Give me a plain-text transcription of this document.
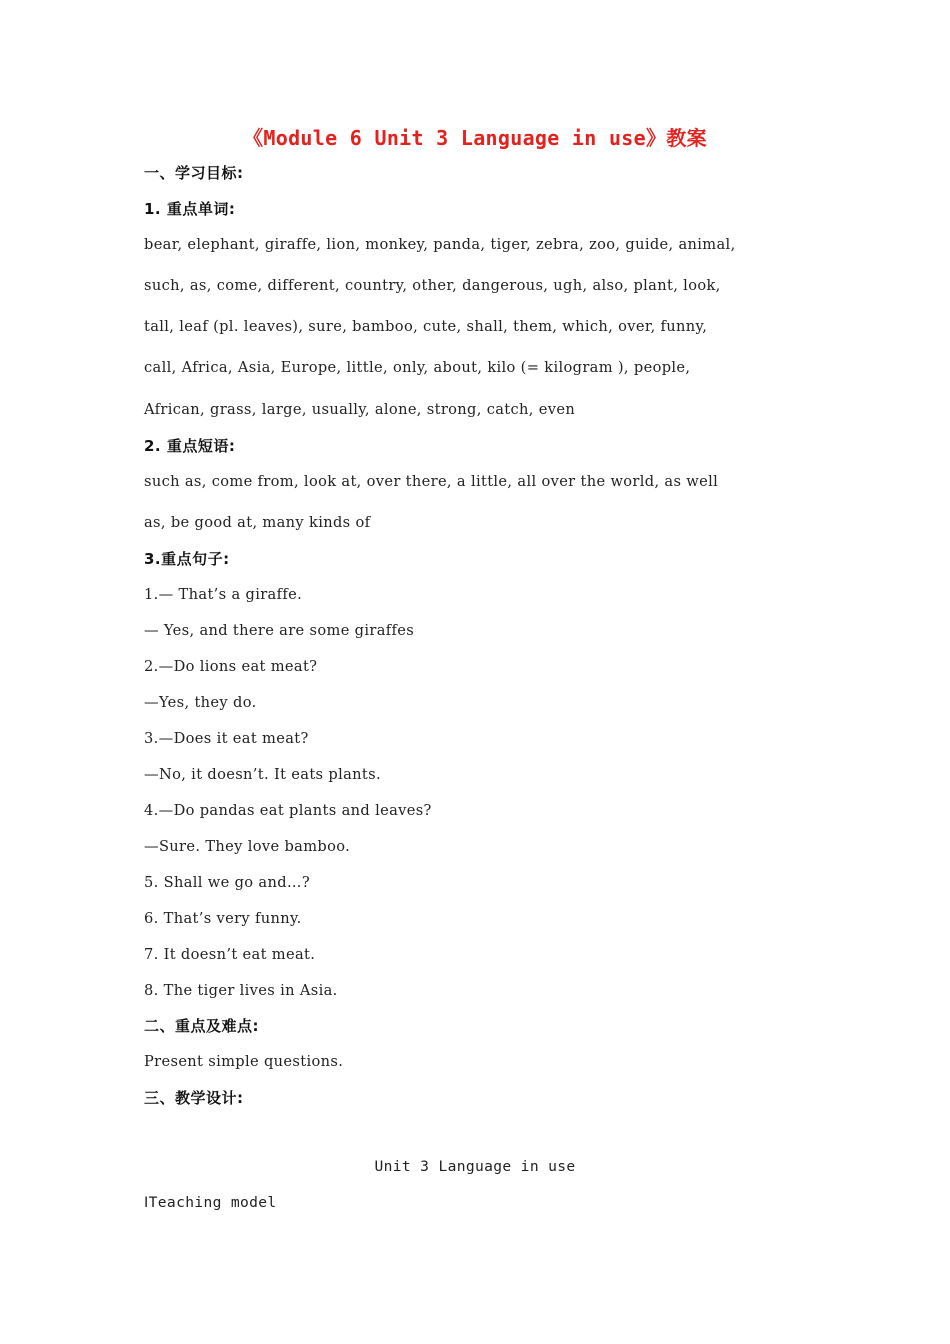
《Module 6 Unit 3 Language in use》教案

一、学习目标:

1. 重点单词:

bear, elephant, giraffe, lion, monkey, panda, tiger, zebra, zoo, guide, animal,

such, as, come, different, country, other, dangerous, ugh, also, plant, look,

tall, leaf (pl. leaves), sure, bamboo, cute, shall, them, which, over, funny,

call, Africa, Asia, Europe, little, only, about, kilo (= kilogram ), people,

African, grass, large, usually, alone, strong, catch, even

2. 重点短语:

such as, come from, look at, over there, a little, all over the world, as well

as, be good at, many kinds of

3.重点句子:

1.— That’s a giraffe.

— Yes, and there are some giraffes

2.—Do lions eat meat?

—Yes, they do.

3.—Does it eat meat?

—No, it doesn’t. It eats plants.

4.—Do pandas eat plants and leaves?

—Sure. They love bamboo.

5. Shall we go and…?

6. That’s very funny.

7. It doesn’t eat meat.

8. The tiger lives in Asia.

二、重点及难点:

Present simple questions.

三、教学设计:

Unit 3 Language in use

ⅠTeaching model
